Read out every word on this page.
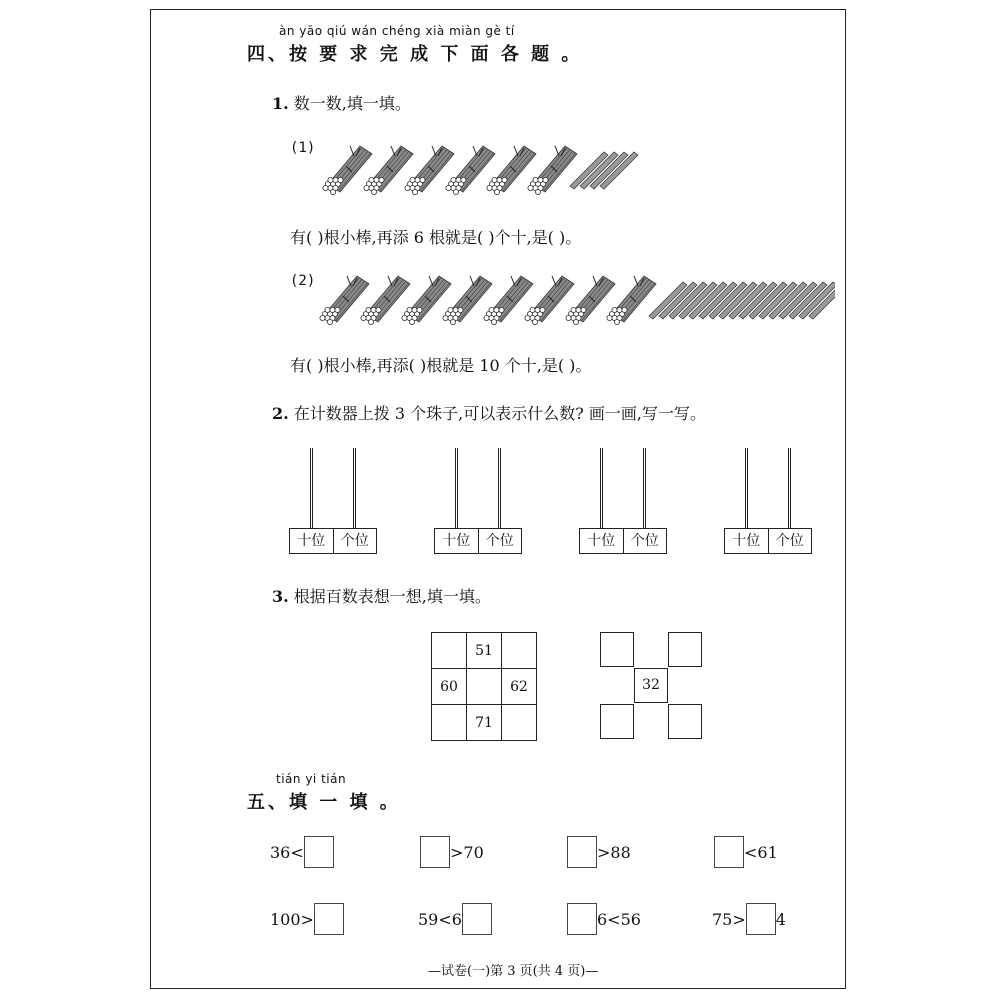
àn yāo qiú wán chéng xià miàn gè tí
四、按 要 求 完 成 下 面 各 题 。
1. 数一数,填一填。
(1)
有( )根小棒,再添 6 根就是( )个十,是( )。
(2)
有( )根小棒,再添( )根就是 10 个十,是( )。
2. 在计数器上拨 3 个珠子,可以表示什么数? 画一画,写一写。
十位	个位	十位	个位	十位	个位	十位	个位
3. 根据百数表想一想,填一填。
	51	
60		62
	71	
32
tián yi tián
五、填 一 填 。
36<	>70	>88	<61
100>	59<6	6<56	75> 4
—试卷(一)第 3 页(共 4 页)—
